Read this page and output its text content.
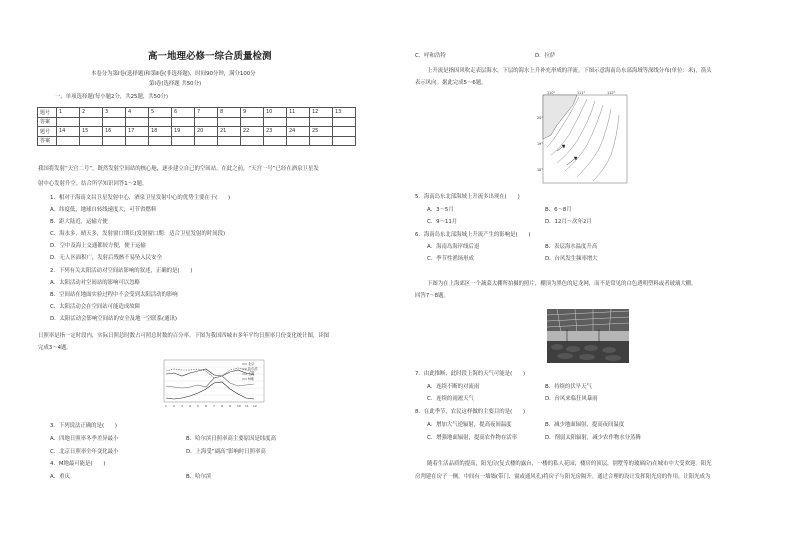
高一地理必修一综合质量检测
本卷分为第Ⅰ卷(选择题)和第Ⅱ卷(非选择题)，时间90分钟，满分100分
第Ⅰ卷(选择题 共50分)
一、单项选择题(每小题2分，共25题，共50分)
题号	1	2	3	4	5	6	7	8	9	10	11	12	13
答案													
题号	14	15	16	17	18	19	20	21	22	23	24	25	
答案													
我国将发射“天宫二号”，既然发射空间站的核心舱，逐步建立自己的空间站。在此之前，“天宫一号”已经在酒泉卫星发
射中心发射升空。结合所学知识回答1～2题。
1．相对于海南文昌卫星发射中心，酒泉卫星发射中心的优势主要在于(　　)
A．纬度低，地球自转线速度大，可节省燃料
B．距大陆近，运输方便
C．海水多，晴天多，发射窗口期长(发射窗口期：适合卫星发射的时间段)
D．空中及海上交通都较方便，便于运输
D．无人区面积广，发射后残骸不易坠入民安全
2．下列有关太阳活动对空间站影响的叙述，正确的是(　　)
A．太阳活动对空间站的影响可以忽略
B．空间站在地面实验过程中不会受到太阳活动的影响
C．太阳活动会在空间站可能造成故障
D．太阳活动会影响空间站的安全及地一空联系(通讯)
日照率是指一定时段内，实际日照总时数占可照总时数的百分率。下图为我国四城市多年平均日照率月份变化统计图，读图
完成3～4题。
北京
哈尔滨
上海
M地
1 2 3 4 5 6 7 8 9 10 11 12
3．下列说法正确的是(　　)
A．四地日照率冬季差异最小	B．哈尔滨日照率高主要原因是纬度高
C．北京日照率全年变化最小	D．上海受“副高”影响时日照率高
4．M地最可能是(　　)
A．重庆	B．哈尔滨
C．呼和浩特	D．拉萨
上升流是指因风吹走表层海水，下层的海水上升补充形成的洋流。下图示意海南岛东部海域等深线分布(单位：米)，箭头
表示风向。据此完成5～6题。
110°	111°	112°
20°
19°
18°
5．海南岛东北部海域上升流多出现在(　　)
A．3～5月	B．6～8月
C．9～11月	D．12月～次年2月
6．海南岛东北部海域上升流产生的影响是(　　)
A．海南岛海岸线后退	B．表层海水温度升高
C．季节性渔场形成	D．台风发生频率增大
下图为在上海郊区一个蔬菜大棚所拍摄的照片，棚顶为黑色的尼龙网，而不是常见的白色透明塑料或者玻璃大棚。
回答7～8题。
7．由此推断，此时段上海的天气可能是(　　)
A．连续不断的对流雨	B．持续的伏旱天气
C．连续的雨凇天气	D．台风来临狂风暴雨
8．在此季节，农民这样做的主要目的是(　　)
A．增加大气逆辐射，提高夜间温度	B．减少地面辐射，提高夜间温度
C．增强地面辐射，提高农作物存活率	D．削弱太阳辐射，减少农作物水分蒸腾
随着生活品质的提高，阳光房(复式楼的露台，一楼的私人花园，楼房的顶层，别墅等的玻璃房)在城市中大受欢迎。阳光
房判建在房子一侧，中间有一墙墙(带门、窗或通风孔)将房子与阳光房隔开。通过合理的设计发挥阳光房的作用，让阳光成为
